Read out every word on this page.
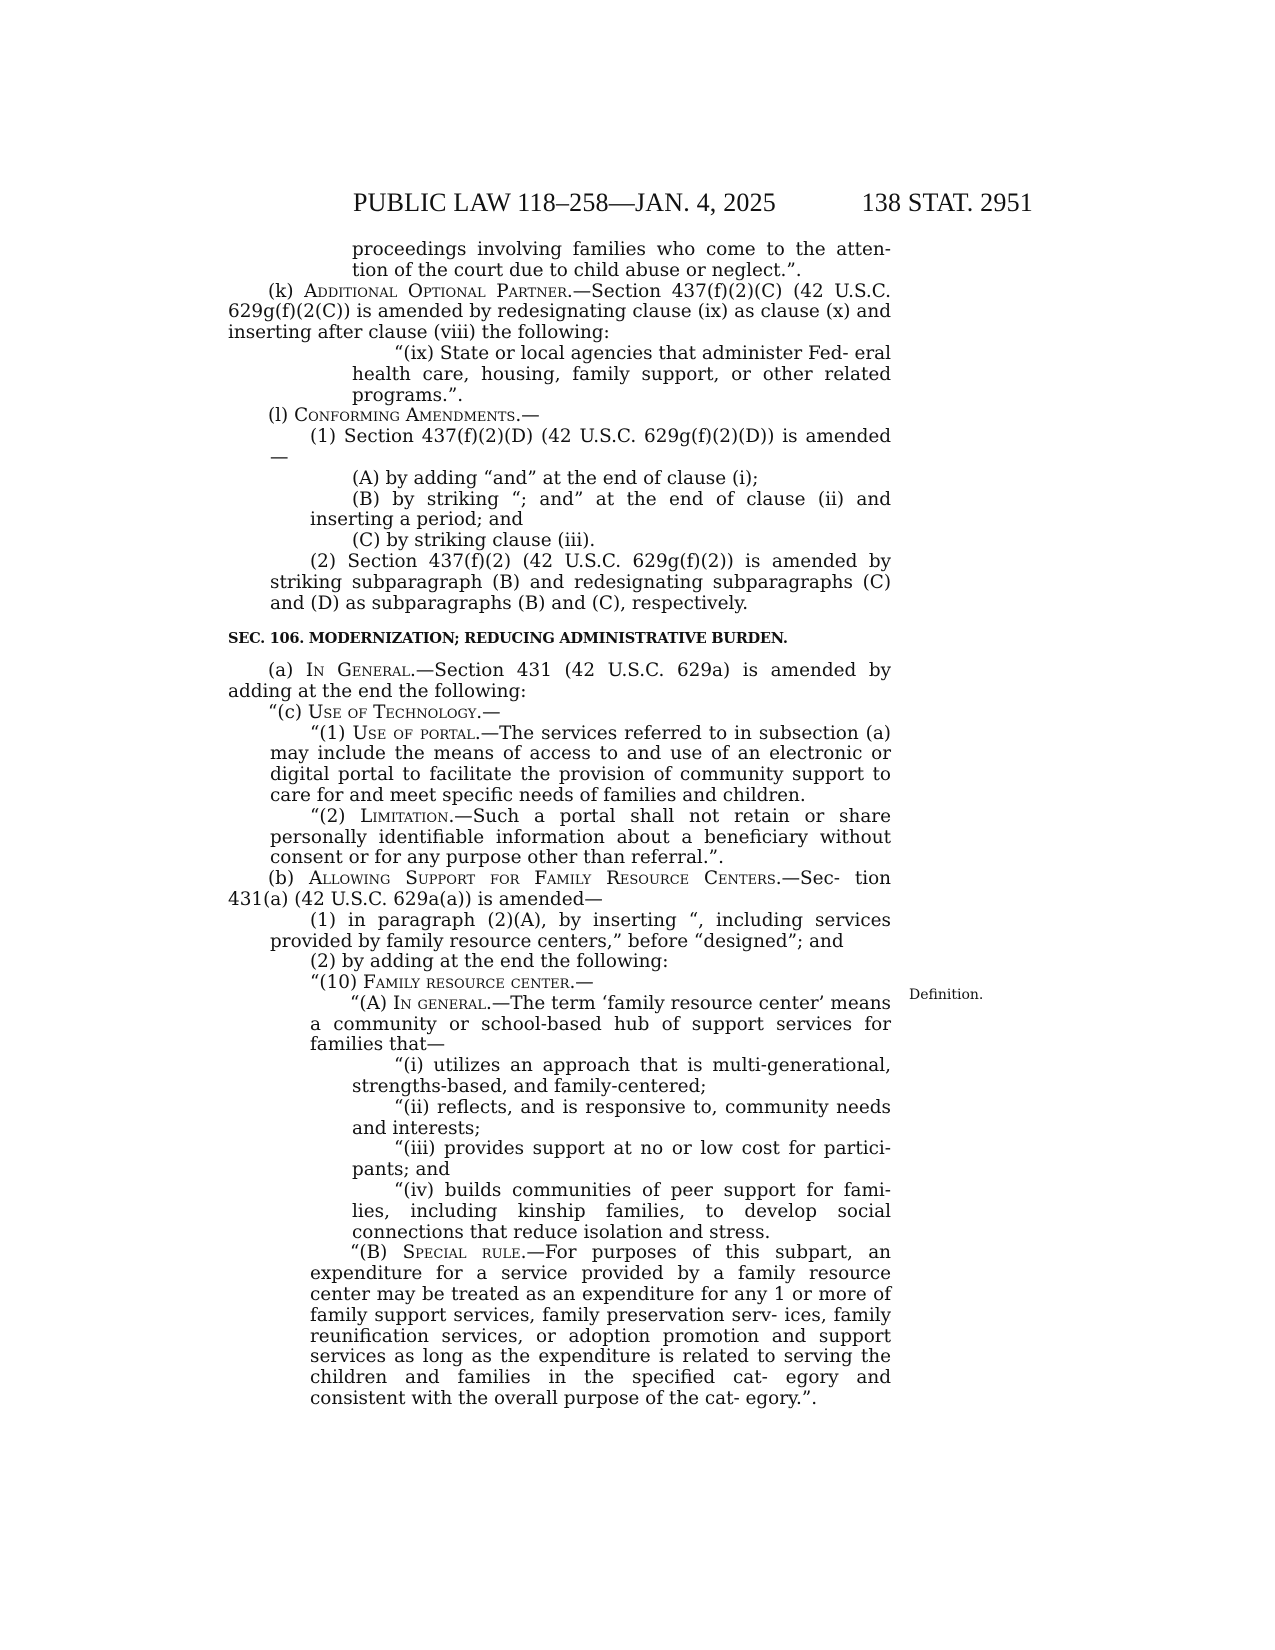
PUBLIC LAW 118–258—JAN. 4, 2025	138 STAT. 2951
Definition.

proceedings involving families who come to the atten- tion of the court due to child abuse or neglect.”.

(k) Additional Optional Partner.—Section 437(f)(2)(C) (42 U.S.C. 629g(f)(2(C)) is amended by redesignating clause (ix) as clause (x) and inserting after clause (viii) the following:

“(ix) State or local agencies that administer Fed- eral health care, housing, family support, or other related programs.”.

(l) Conforming Amendments.—

(1) Section 437(f)(2)(D) (42 U.S.C. 629g(f)(2)(D)) is amended—

(A) by adding “and” at the end of clause (i);

(B) by striking “; and” at the end of clause (ii) and inserting a period; and

(C) by striking clause (iii).

(2) Section 437(f)(2) (42 U.S.C. 629g(f)(2)) is amended by striking subparagraph (B) and redesignating subparagraphs (C) and (D) as subparagraphs (B) and (C), respectively.

SEC. 106. MODERNIZATION; REDUCING ADMINISTRATIVE BURDEN.

(a) In General.—Section 431 (42 U.S.C. 629a) is amended by adding at the end the following:

“(c) Use of Technology.—

“(1) Use of portal.—The services referred to in subsection (a) may include the means of access to and use of an electronic or digital portal to facilitate the provision of community support to care for and meet specific needs of families and children.

“(2) Limitation.—Such a portal shall not retain or share personally identifiable information about a beneficiary without consent or for any purpose other than referral.”.

(b) Allowing Support for Family Resource Centers.—Sec- tion 431(a) (42 U.S.C. 629a(a)) is amended—

(1) in paragraph (2)(A), by inserting “, including services provided by family resource centers,” before “designed”; and

(2) by adding at the end the following:

“(10) Family resource center.—

“(A) In general.—The term ‘family resource center’ means a community or school-based hub of support services for families that—

“(i) utilizes an approach that is multi-generational, strengths-based, and family-centered;

“(ii) reflects, and is responsive to, community needs and interests;

“(iii) provides support at no or low cost for partici- pants; and

“(iv) builds communities of peer support for fami- lies, including kinship families, to develop social connections that reduce isolation and stress.

“(B) Special rule.—For purposes of this subpart, an expenditure for a service provided by a family resource center may be treated as an expenditure for any 1 or more of family support services, family preservation serv- ices, family reunification services, or adoption promotion and support services as long as the expenditure is related to serving the children and families in the specified cat- egory and consistent with the overall purpose of the cat- egory.”.
